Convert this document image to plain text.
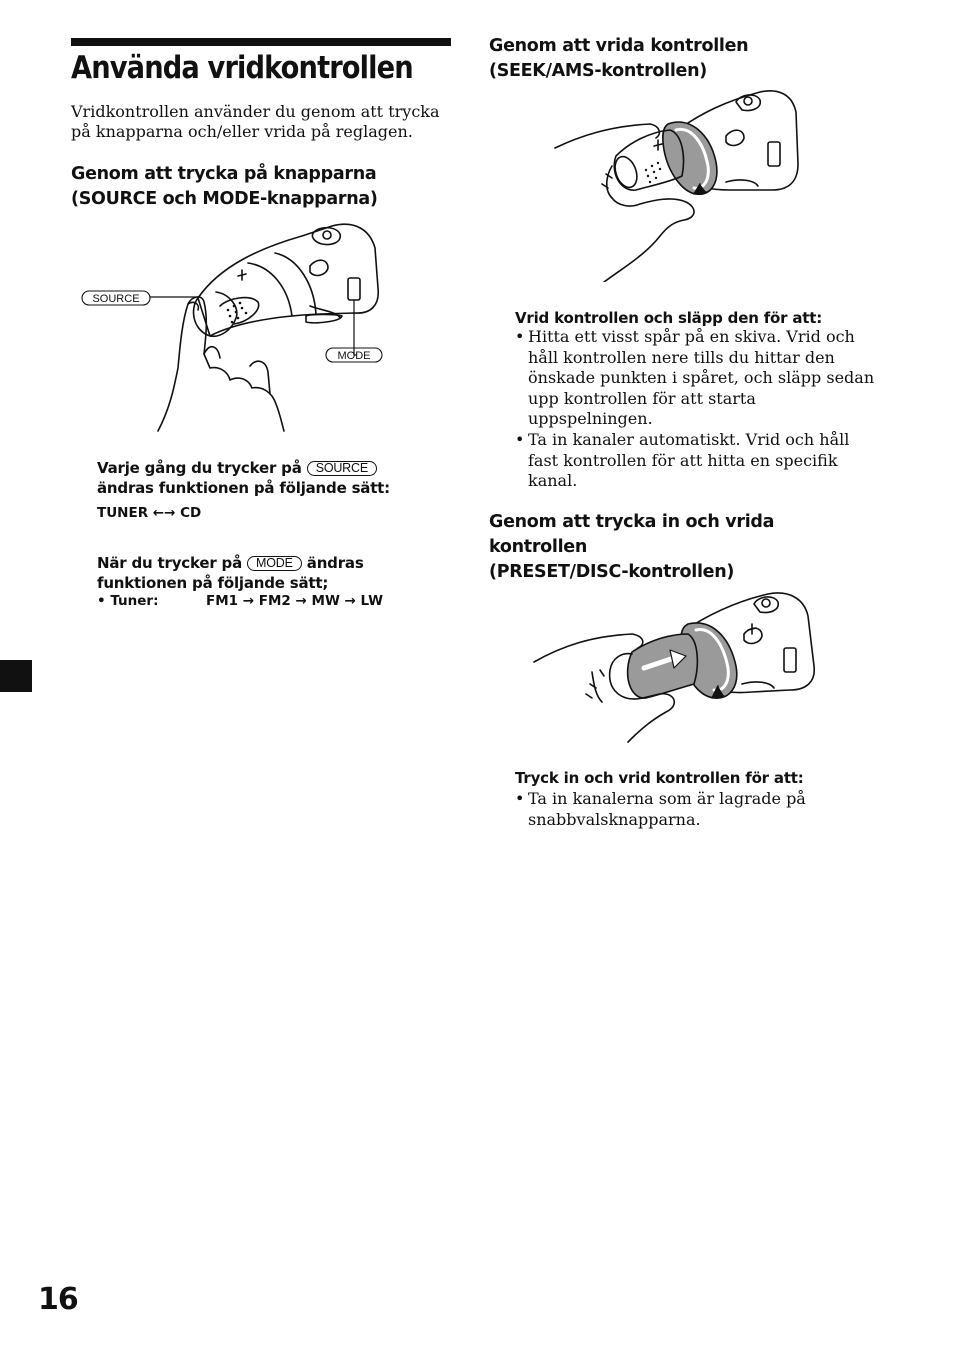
Använda vridkontrollen
Vridkontrollen använder du genom att trycka på knapparna och/eller vrida på reglagen.
Genom att trycka på knapparna
(SOURCE och MODE-knapparna)
SOURCE
MODE
Varje gång du trycker på SOURCE
ändras funktionen på följande sätt:
TUNER ←→ CD
När du trycker på MODE ändras
funktionen på följande sätt;
• Tuner:	FM1 → FM2 → MW → LW
Genom att vrida kontrollen
(SEEK/AMS-kontrollen)
Vrid kontrollen och släpp den för att:
• Hitta ett visst spår på en skiva. Vrid och håll kontrollen nere tills du hittar den önskade punkten i spåret, och släpp sedan upp kontrollen för att starta uppspelningen.
• Ta in kanaler automatiskt. Vrid och håll fast kontrollen för att hitta en specifik kanal.
Genom att trycka in och vrida
kontrollen
(PRESET/DISC-kontrollen)
Tryck in och vrid kontrollen för att:
• Ta in kanalerna som är lagrade på snabbvalsknapparna.
16
